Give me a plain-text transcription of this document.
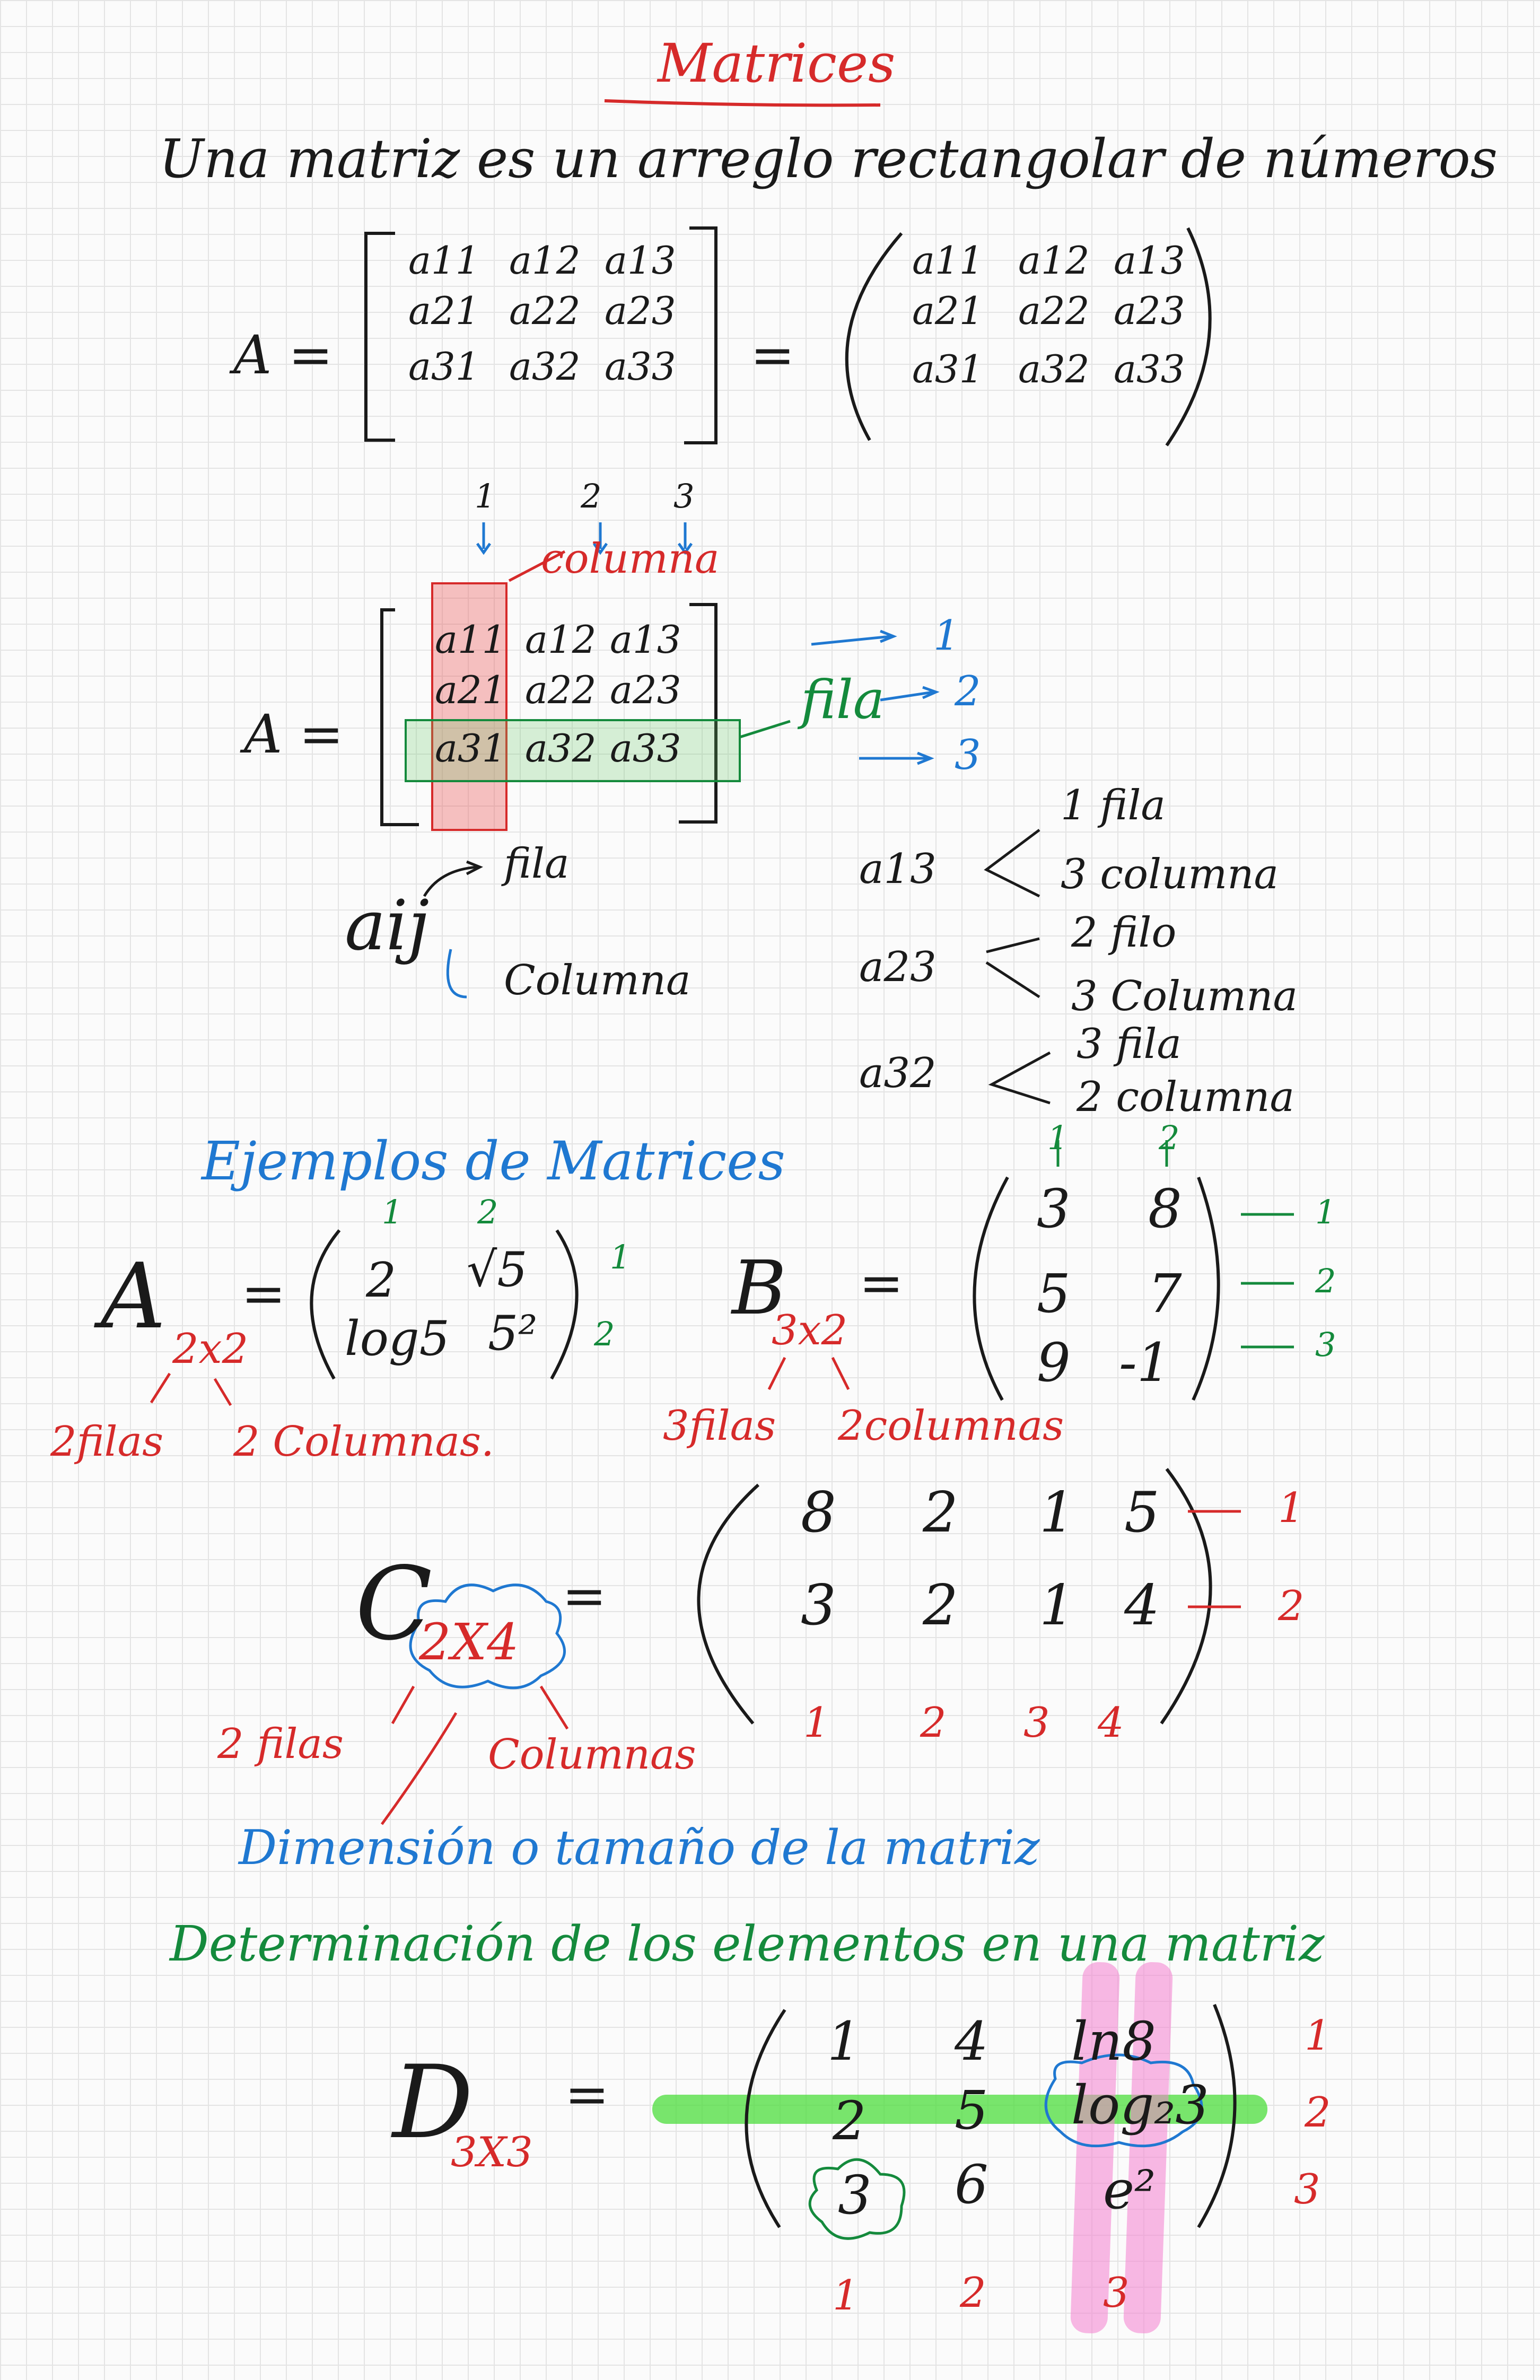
Matrices
Una matriz es un arreglo rectangolar de números
A =
a11 a12 a13
a21 a22 a23
a31 a32 a33 =
a11 a12 a13
a21 a22 a23
a31 a32 a33
1	2 3
columna
A =
a11 a12 a13
a21 a22 a23
a31 a32 a33
fila
1
2
3
aij
fila
Columna
a13
1 fila
3 columna
a23
2 filo
3 Columna
a32
3 fila
2 columna
Ejemplos de Matrices
A 2x2
=
1 2
2 √5
log5 5²
1
2
2filas 2 Columnas.
B
3x2
=
1	2
3 8
5 7
9 -1
1
2
3
3filas 2columnas
C
2X4
=
8 2 1 5
3 2 1 4
1
2
1 2 3 4
2 filas	Columnas
Dimensión o tamaño de la matriz
Determinación de los elementos en una matriz
D
3X3
=
1 4 ln8
2 5 log₂3
3 6 e²
1
2
3
1 2	3
